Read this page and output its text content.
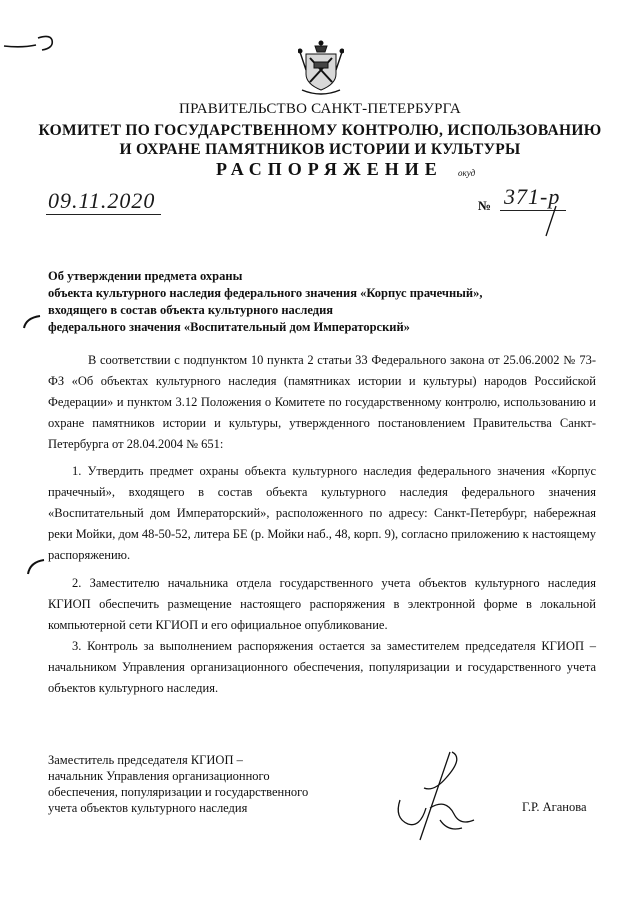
ПРАВИТЕЛЬСТВО САНКТ-ПЕТЕРБУРГА
КОМИТЕТ ПО ГОСУДАРСТВЕННОМУ КОНТРОЛЮ, ИСПОЛЬЗОВАНИЮ
И ОХРАНЕ ПАМЯТНИКОВ ИСТОРИИ И КУЛЬТУРЫ
РАСПОРЯЖЕНИЕ окуд
09.11.2020	№ 371-р
Об утверждении предмета охраны
объекта культурного наследия федерального значения «Корпус прачечный»,
входящего в состав объекта культурного наследия
федерального значения «Воспитательный дом Императорский»
В соответствии с подпунктом 10 пункта 2 статьи 33 Федерального закона от 25.06.2002 № 73-ФЗ «Об объектах культурного наследия (памятниках истории и культуры) народов Российской Федерации» и пунктом 3.12 Положения о Комитете по государственному контролю, использованию и охране памятников истории и культуры, утвержденного постановлением Правительства Санкт-Петербурга от 28.04.2004 № 651:
1. Утвердить предмет охраны объекта культурного наследия федерального значения «Корпус прачечный», входящего в состав объекта культурного наследия федерального значения «Воспитательный дом Императорский», расположенного по адресу: Санкт-Петербург, набережная реки Мойки, дом 48-50-52, литера БЕ (р. Мойки наб., 48, корп. 9), согласно приложению к настоящему распоряжению.
2. Заместителю начальника отдела государственного учета объектов культурного наследия КГИОП обеспечить размещение настоящего распоряжения в электронной форме в локальной компьютерной сети КГИОП и его официальное опубликование.
3. Контроль за выполнением распоряжения остается за заместителем председателя КГИОП – начальником Управления организационного обеспечения, популяризации и государственного учета объектов культурного наследия.
Заместитель председателя КГИОП –
начальник Управления организационного
обеспечения, популяризации и государственного
учета объектов культурного наследия	Г.Р. Аганова
